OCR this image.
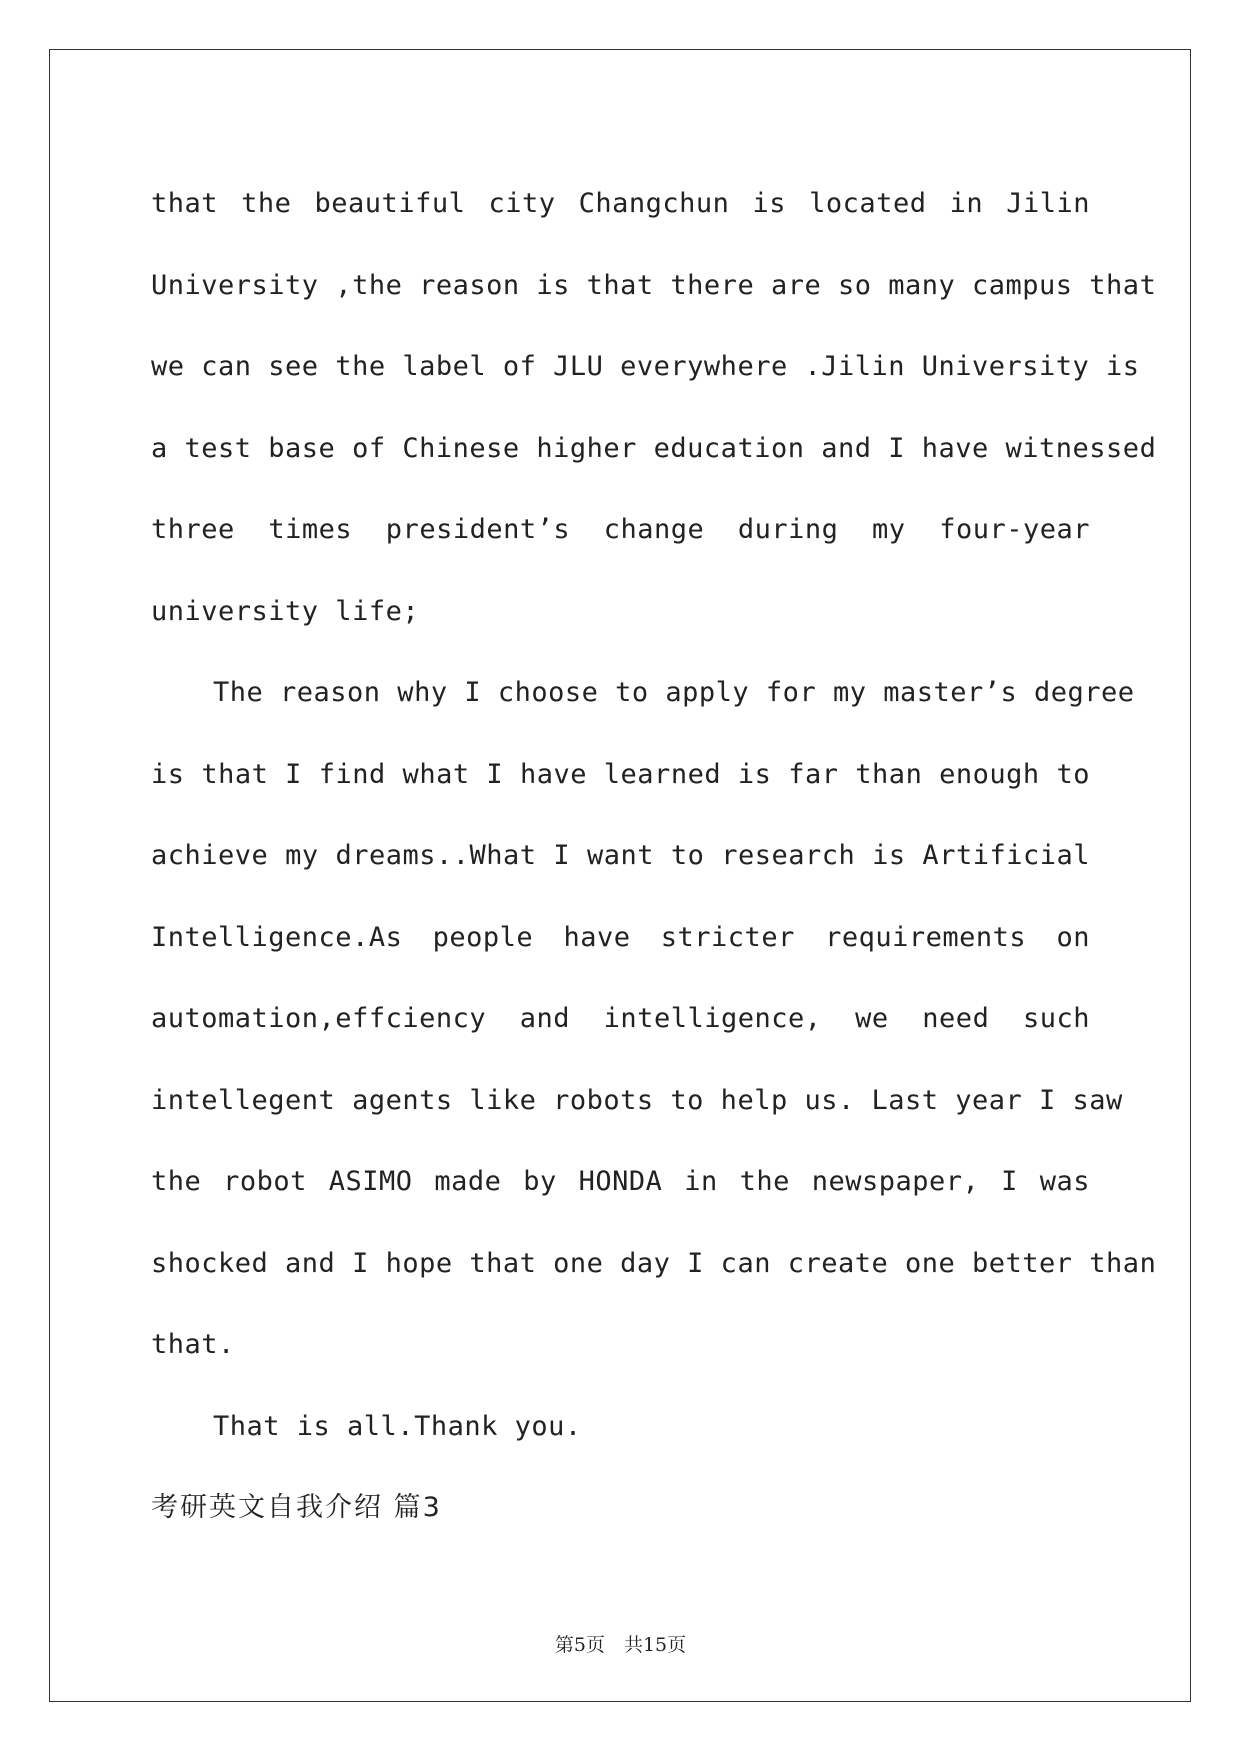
that the beautiful city Changchun is located in Jilin
University ,the reason is that there are so many campus that
we can see the label of JLU everywhere .Jilin University is
a test base of Chinese higher education and I have witnessed
three times president’s change during my four-year
university life;
The reason why I choose to apply for my master’s degree
is that I find what I have learned is far than enough to
achieve my dreams..What I want to research is Artificial
Intelligence.As people have stricter requirements on
automation,effciency and intelligence, we need such
intellegent agents like robots to help us. Last year I saw
the robot ASIMO made by HONDA in the newspaper, I was
shocked and I hope that one day I can create one better than
that.
That is all.Thank you.
考研英文自我介绍 篇3
第5页　共15页
